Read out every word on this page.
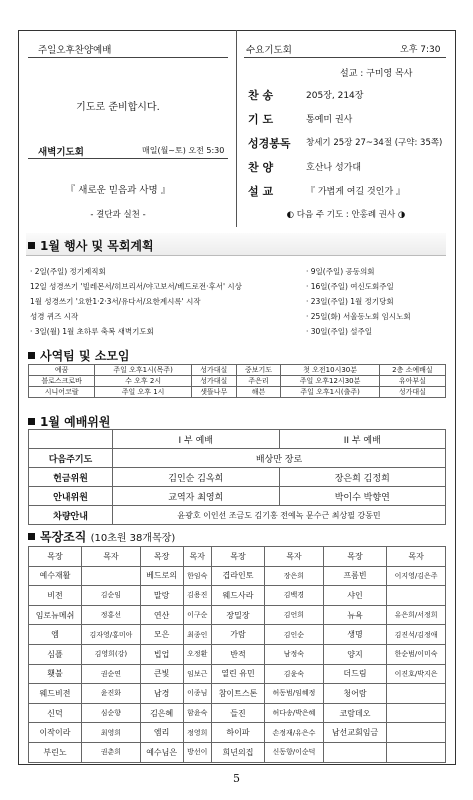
주일오후찬양예배
기도로 준비합시다.
새벽기도회	매일(월~토) 오전 5:30
『 새로운 믿음과 사명 』
- 결단과 실천 -
수요기도회	오후 7:30
설교 : 구미영 목사
찬 송	205장, 214장
기 도	통예미 권사
성경봉독 창세기 25장 27~34절 (구약: 35쪽)
찬 양	호산나 성가대
설 교	『 가볍게 여길 것인가 』
◐ 다음 주 기도 : 안홍례 권사 ◑
1월 행사 및 목회계획
· 2일(주일) 정기제직회
12일 성경쓰기 '빌레몬서/히브리서/야고보서/베드로전·후서' 시상
1월 성경쓰기 '요한1·2·3서/유다서/요한계시록' 시작
성경 퀴즈 시작
· 3일(월) 1월 초하루 축복 새벽기도회
· 9일(주일) 공동의회
· 16일(주일) 여신도회주일
· 23일(주일) 1월 정기당회
· 25일(화) 서울동노회 임시노회
· 30일(주일) 설주일
사역팀 및 소모임
예꿈	주일 오후1시(목주)	성가대실	중보기도	첫 오전10시30분	2층 소예배실
블로스크로바	수 오후 2시	성가대실	주은리	주일 오후12시30분	유아부실
시니어코랄	주일 오후 1시	샛뜰나무	해븐	주일 오후1시(출주)	성가대실
1월 예배위원
	I 부 예배	II 부 예배
다음주기도	배상만 장로	
헌금위원	김인순 김옥희	장은희 김정희
안내위원	교역자 최영희	박이수 박향연
차량안내	윤광호 이인선 조금도 김기홍 전예녹 문수근 최상필 강동민	
목장조직 (10초원 38개목장)
목장	목자	목장	목자	목장	목자	목장	목자
예수재활		베드로의	한임숙	겹라인토	장은희	프롬빈	이지영/김은주
비전	김순임	말랑	김용진	웨드사라	김백경	샤인	
임로뉴메쉬	정홍선	연산	이구순	장밀장	김언희	뉴욕	유은희/서정희
엠	김자영/홍미아	모은	최종인	가람	김인순	생명	김진석/김정애
심플	김영희(강)	빕업	오정환	반적	남정숙	양지	한순범/이미숙
횃불	권순연	큰빛	임보근	열린 유민	김윤숙	더드림	이진호/박지은
웨드비전	윤진화	남경	이종님	참이트스톤	허동범/임혜정	청어람	
신덕	심순향	김은혜	함윤숙	들진	허다송/박은혜	코람데오	
이작이라	최영희	엠리	정영희	하이파	손정재/유은수	남선교회임금	
부린노	권춘희	예수님은	방선이	희년의집	신동향/이순덕		
5
